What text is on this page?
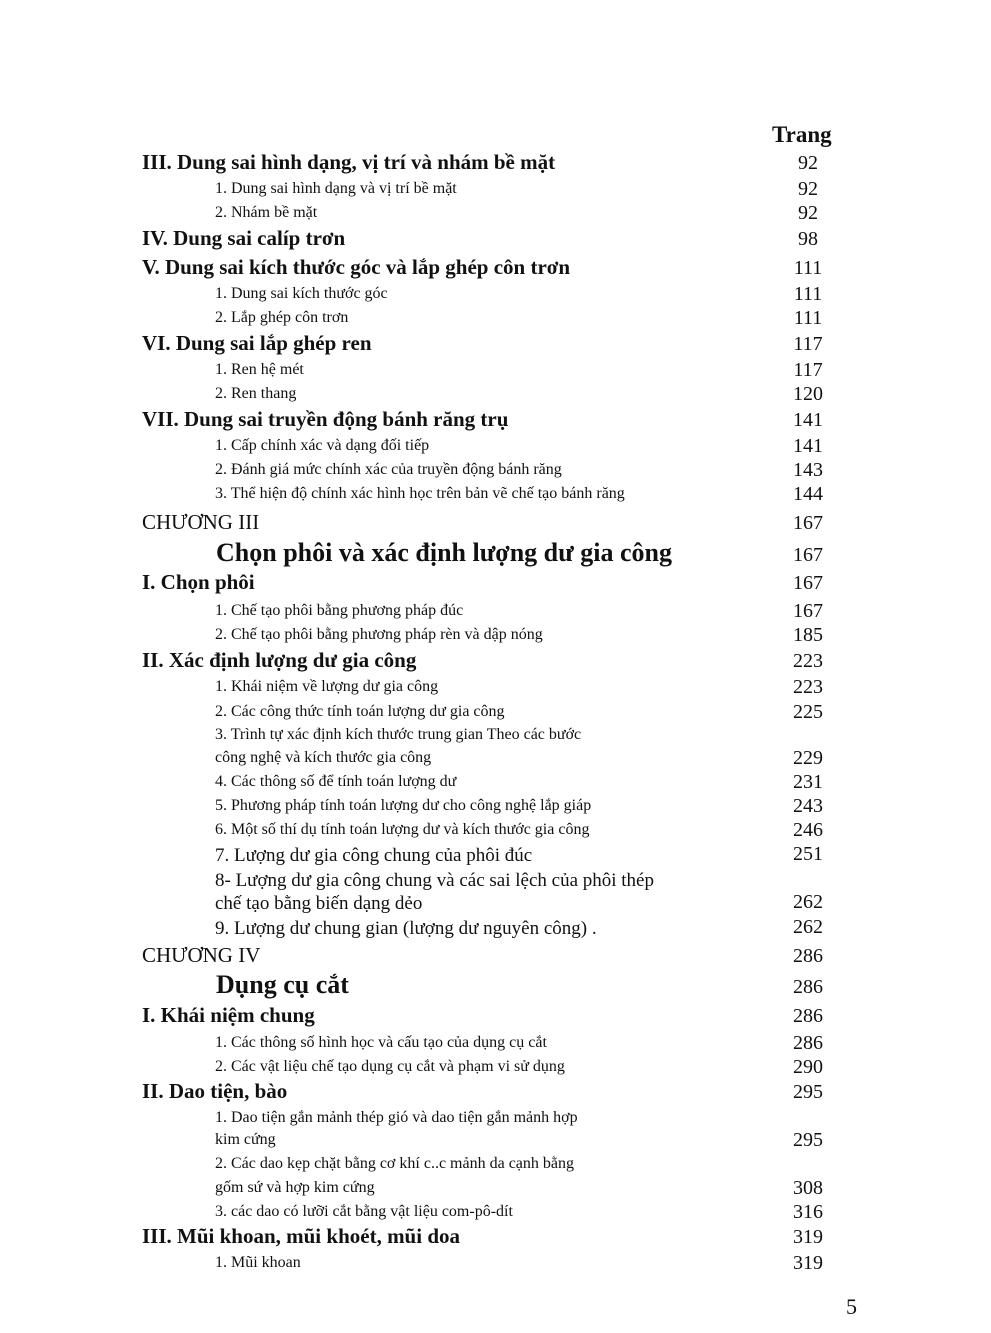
Trang
III. Dung sai hình dạng, vị trí và nhám bề mặt	92
1. Dung sai hình dạng và vị trí bề mặt	92
2. Nhám bề mặt	92
IV. Dung sai calíp trơn	98
V. Dung sai kích thước góc và lắp ghép côn trơn	111
1. Dung sai kích thước góc	111
2. Lắp ghép côn trơn	111
VI. Dung sai lắp ghép ren	117
1. Ren hệ mét	117
2. Ren thang	120
VII. Dung sai truyền động bánh răng trụ	141
1. Cấp chính xác và dạng đối tiếp	141
2. Đánh giá mức chính xác của truyền động bánh răng	143
3. Thể hiện độ chính xác hình học trên bản vẽ chế tạo bánh răng	144
CHƯƠNG III	167
Chọn phôi và xác định lượng dư gia công	167
I. Chọn phôi	167
1. Chế tạo phôi bằng phương pháp đúc	167
2. Chế tạo phôi bằng phương pháp rèn và dập nóng	185
II. Xác định lượng dư gia công	223
1. Khái niệm về lượng dư gia công	223
2. Các công thức tính toán lượng dư gia công	225
3. Trình tự xác định kích thước trung gian Theo các bước
công nghệ và kích thước gia công	229
4. Các thông số để tính toán lượng dư	231
5. Phương pháp tính toán lượng dư cho công nghệ lắp giáp	243
6. Một số thí dụ tính toán lượng dư và kích thước gia công	246
7. Lượng dư gia công chung của phôi đúc	251
8- Lượng dư gia công chung và các sai lệch của phôi thép
chế tạo bằng biến dạng dẻo	262
9. Lượng dư chung gian (lượng dư nguyên công) .	262
CHƯƠNG IV	286
Dụng cụ cắt	286
I. Khái niệm chung	286
1. Các thông số hình học và cấu tạo của dụng cụ cắt	286
2. Các vật liệu chế tạo dụng cụ cắt và phạm vi sử dụng	290
II. Dao tiện, bào	295
1. Dao tiện gắn mảnh thép gió và dao tiện gắn mảnh hợp
kim cứng	295
2. Các dao kẹp chặt bằng cơ khí c..c mảnh da cạnh bằng
gốm sứ và hợp kim cứng	308
3. các dao có lưỡi cắt bằng vật liệu com-pô-dít	316
III. Mũi khoan, mũi khoét, mũi doa	319
1. Mũi khoan	319
5
